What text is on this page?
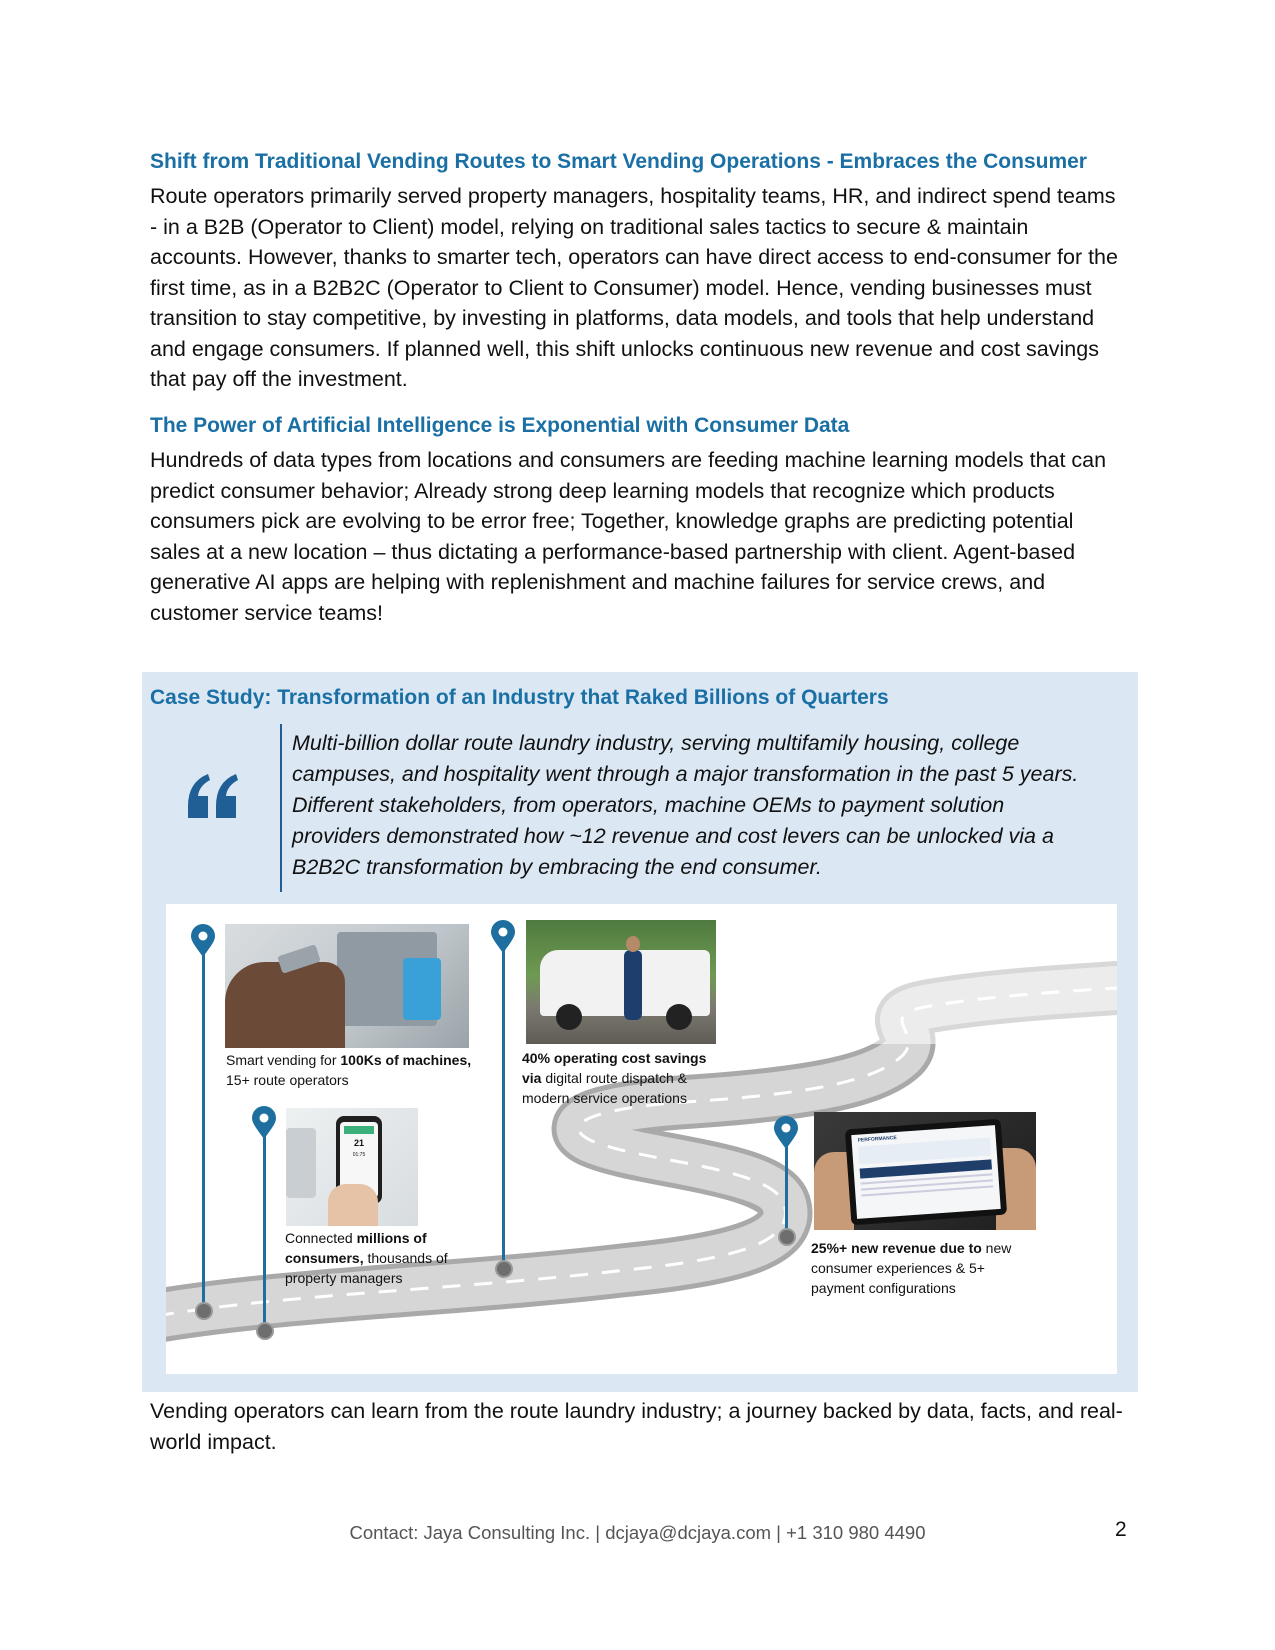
Shift from Traditional Vending Routes to Smart Vending Operations - Embraces the Consumer

Route operators primarily served property managers, hospitality teams, HR, and indirect spend teams - in a B2B (Operator to Client) model, relying on traditional sales tactics to secure & maintain accounts. However, thanks to smarter tech, operators can have direct access to end-consumer for the first time, as in a B2B2C (Operator to Client to Consumer) model. Hence, vending businesses must transition to stay competitive, by investing in platforms, data models, and tools that help understand and engage consumers. If planned well, this shift unlocks continuous new revenue and cost savings that pay off the investment.

The Power of Artificial Intelligence is Exponential with Consumer Data

Hundreds of data types from locations and consumers are feeding machine learning models that can predict consumer behavior; Already strong deep learning models that recognize which products consumers pick are evolving to be error free; Together, knowledge graphs are predicting potential sales at a new location – thus dictating a performance-based partnership with client. Agent-based generative AI apps are helping with replenishment and machine failures for service crews, and customer service teams!

Case Study: Transformation of an Industry that Raked Billions of Quarters

Multi-billion dollar route laundry industry, serving multifamily housing, college campuses, and hospitality went through a major transformation in the past 5 years. Different stakeholders, from operators, machine OEMs to payment solution providers demonstrated how ~12 revenue and cost levers can be unlocked via a B2B2C transformation by embracing the end consumer.

Smart vending for 100Ks of machines, 15+ route operators

40% operating cost savings via digital route dispatch & modern service operations

21
01:75

Connected millions of consumers, thousands of property managers

PERFORMANCE

25%+ new revenue due to new consumer experiences & 5+ payment configurations

Vending operators can learn from the route laundry industry; a journey backed by data, facts, and real-world impact.

Contact: Jaya Consulting Inc. | dcjaya@dcjaya.com | +1 310 980 4490	2
